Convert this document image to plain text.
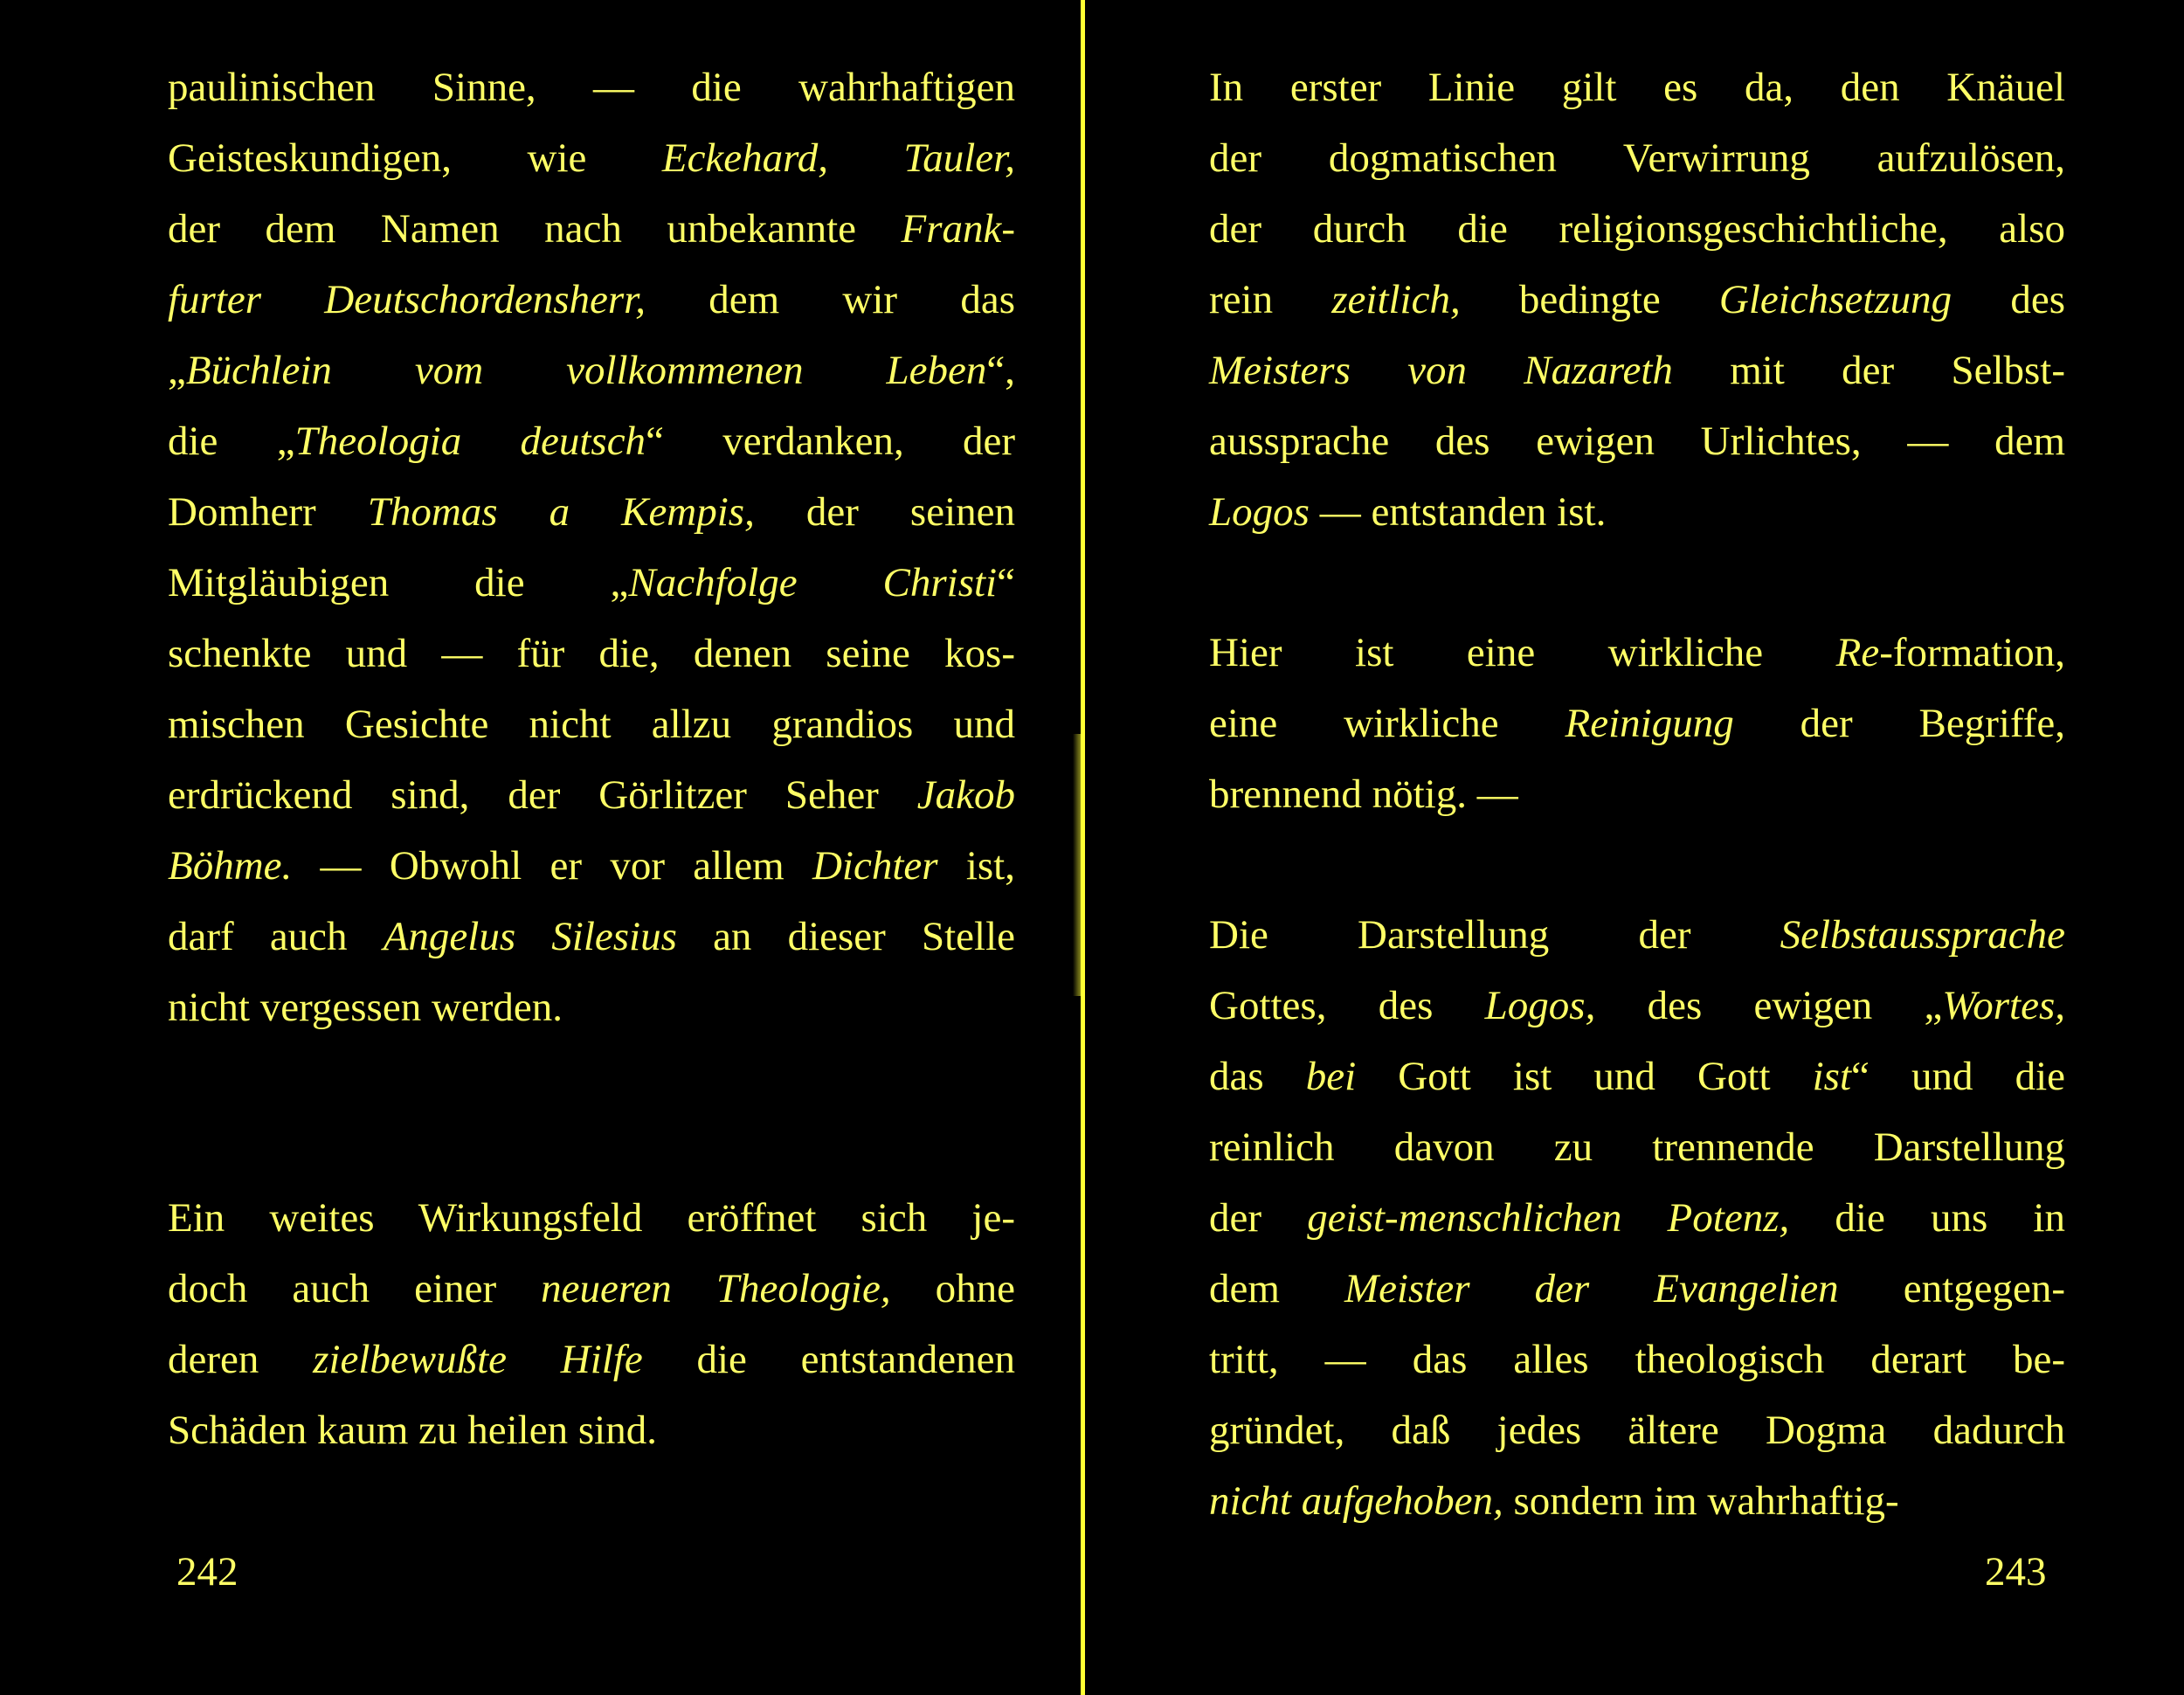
paulinischen Sinne, — die wahrhaftigen
Geisteskundigen, wie Eckehard, Tauler,
der dem Namen nach unbekannte Frank-
furter Deutschordensherr, dem wir das
„Büchlein vom vollkommenen Leben“,
die „Theologia deutsch“ verdanken, der
Domherr Thomas a Kempis, der seinen
Mitgläubigen die „Nachfolge Christi“
schenkte und — für die, denen seine kos-
mischen Gesichte nicht allzu grandios und
erdrückend sind, der Görlitzer Seher Jakob
Böhme. — Obwohl er vor allem Dichter ist,
darf auch Angelus Silesius an dieser Stelle
nicht vergessen werden.
Ein weites Wirkungsfeld eröffnet sich je-
doch auch einer neueren Theologie, ohne
deren zielbewußte Hilfe die entstandenen
Schäden kaum zu heilen sind.
In erster Linie gilt es da, den Knäuel
der dogmatischen Verwirrung aufzulösen,
der durch die religionsgeschichtliche, also
rein zeitlich, bedingte Gleichsetzung des
Meisters von Nazareth mit der Selbst-
aussprache des ewigen Urlichtes, — dem
Logos — entstanden ist.
Hier ist eine wirkliche Re-formation,
eine wirkliche Reinigung der Begriffe,
brennend nötig. —
Die Darstellung der Selbstaussprache
Gottes, des Logos, des ewigen „Wortes,
das bei Gott ist und Gott ist“ und die
reinlich davon zu trennende Darstellung
der geist-menschlichen Potenz, die uns in
dem Meister der Evangelien entgegen-
tritt, — das alles theologisch derart be-
gründet, daß jedes ältere Dogma dadurch
nicht aufgehoben, sondern im wahrhaftig-
242	243
